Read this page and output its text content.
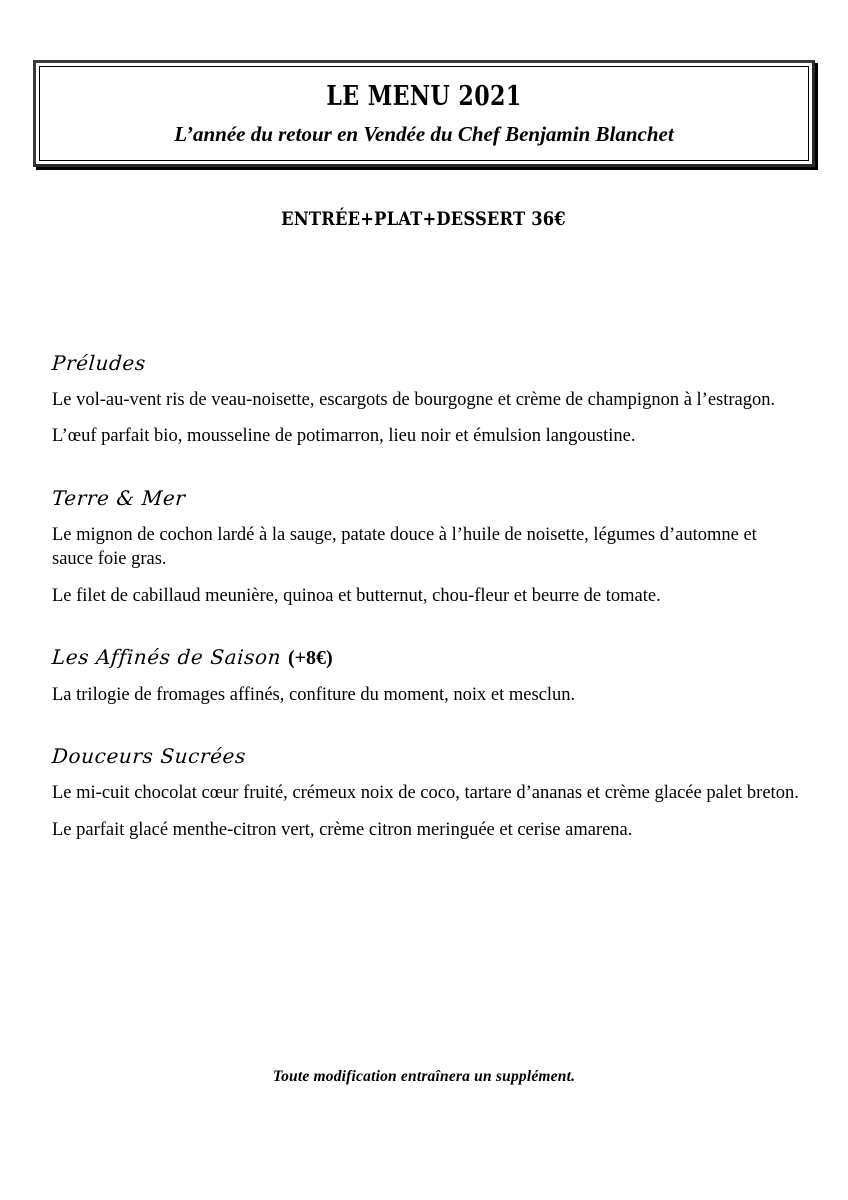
LE MENU 2021
L’année du retour en Vendée du Chef Benjamin Blanchet
ENTRÉE+PLAT+DESSERT 36€
Préludes

Le vol-au-vent ris de veau-noisette, escargots de bourgogne et crème de champignon à l’estragon.

L’œuf parfait bio, mousseline de potimarron, lieu noir et émulsion langoustine.

Terre & Mer

Le mignon de cochon lardé à la sauge, patate douce à l’huile de noisette, légumes d’automne et sauce foie gras.

Le filet de cabillaud meunière, quinoa et butternut, chou-fleur et beurre de tomate.

Les Affinés de Saison (+8€)

La trilogie de fromages affinés, confiture du moment, noix et mesclun.

Douceurs Sucrées

Le mi-cuit chocolat cœur fruité, crémeux noix de coco, tartare d’ananas et crème glacée palet breton.

Le parfait glacé menthe-citron vert, crème citron meringuée et cerise amarena.

Toute modification entraînera un supplément.
